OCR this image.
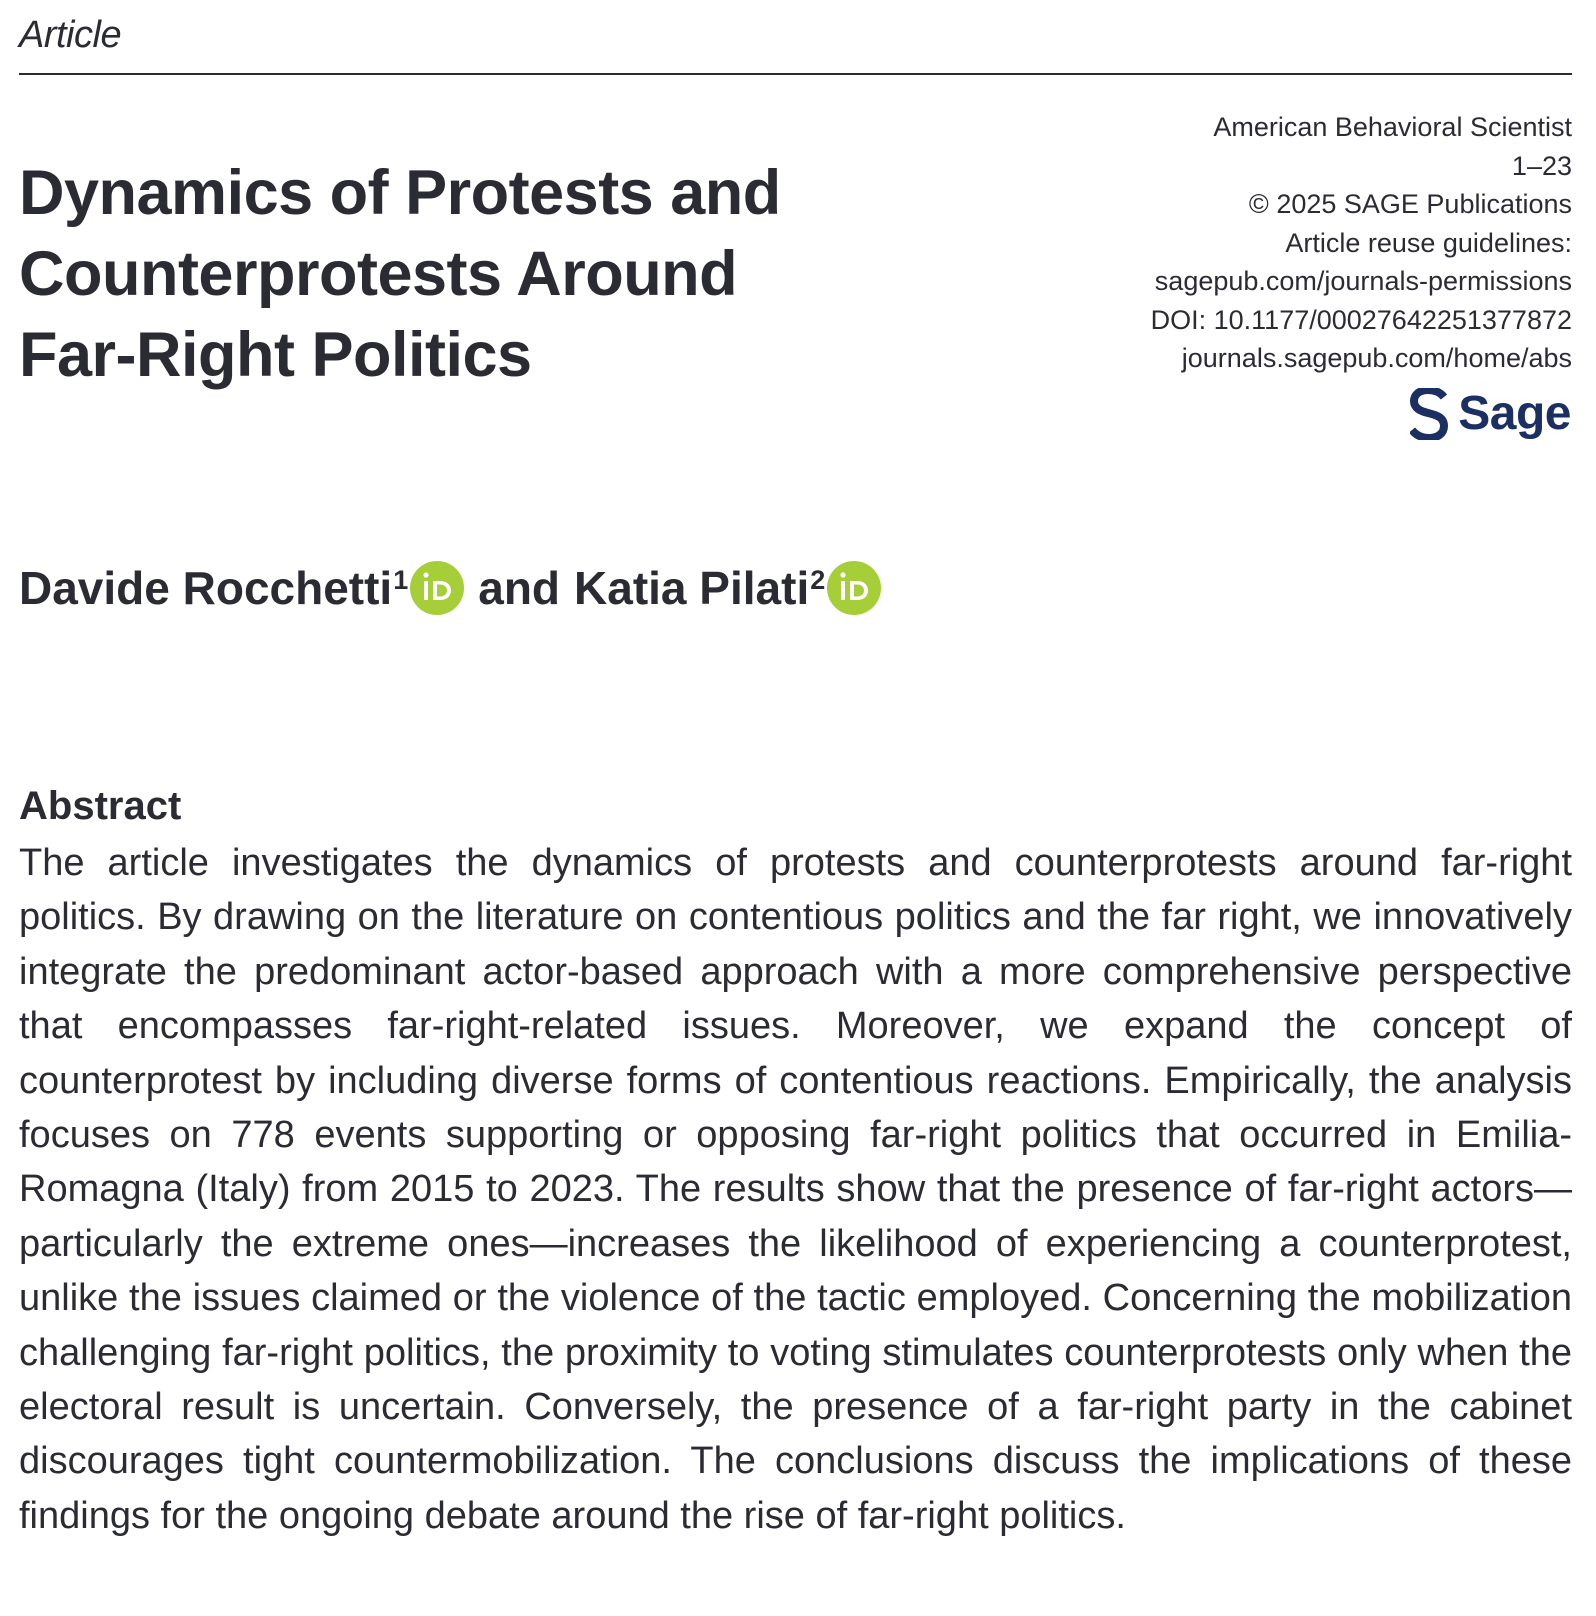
Article
Dynamics of Protests and
Counterprotests Around
Far-Right Politics
American Behavioral Scientist
1–23
© 2025 SAGE Publications
Article reuse guidelines:
sagepub.com/journals-permissions
DOI: 10.1177/00027642251377872
journals.sagepub.com/home/abs
Sage
Davide Rocchetti$^1$ and Katia Pilati$^2$
Abstract

The article investigates the dynamics of protests and counterprotests around far-right politics. By drawing on the literature on contentious politics and the far right, we innovatively integrate the predominant actor-based approach with a more comprehensive perspective that encompasses far-right-related issues. Moreover, we expand the concept of counterprotest by including diverse forms of contentious reactions. Empirically, the analysis focuses on 778 events supporting or opposing far-right politics that occurred in Emilia-Romagna (Italy) from 2015 to 2023. The results show that the presence of far-right actors—particularly the extreme ones—increases the likelihood of experiencing a counterprotest, unlike the issues claimed or the violence of the tactic employed. Concerning the mobilization challenging far-right politics, the proximity to voting stimulates counterprotests only when the electoral result is uncertain. Conversely, the presence of a far-right party in the cabinet discourages tight countermobilization. The conclusions discuss the implications of these findings for the ongoing debate around the rise of far-right politics.
